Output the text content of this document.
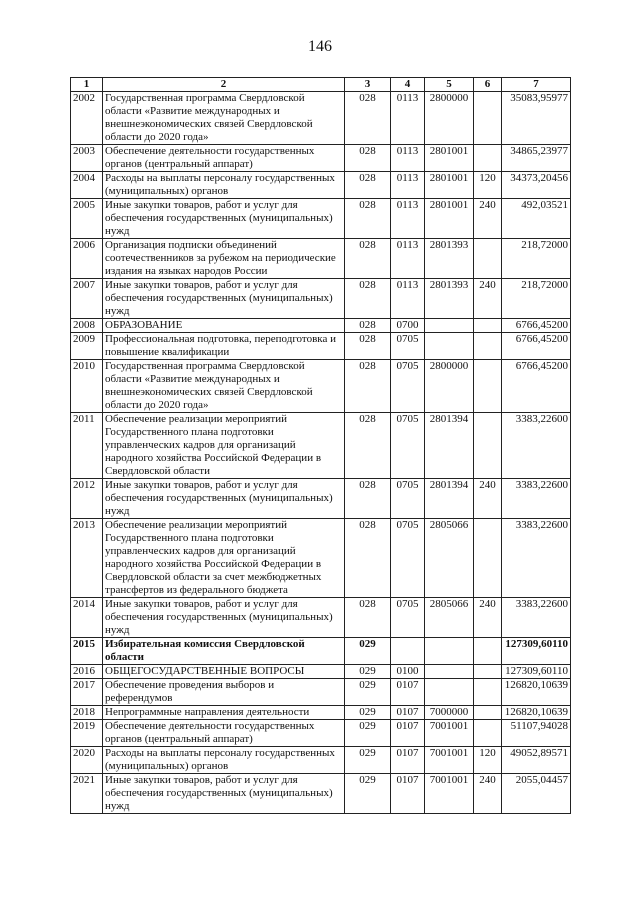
146
1	2	3	4	5	6	7
2002	Государственная программа Свердловской области «Развитие международных и внешнеэкономических связей Свердловской области до 2020 года»	028	0113	2800000		35083,95977
2003	Обеспечение деятельности государственных органов (центральный аппарат)	028	0113	2801001		34865,23977
2004	Расходы на выплаты персоналу государственных (муниципальных) органов	028	0113	2801001	120	34373,20456
2005	Иные закупки товаров, работ и услуг для обеспечения государственных (муниципальных) нужд	028	0113	2801001	240	492,03521
2006	Организация подписки объединений соотечественников за рубежом на периодические издания на языках народов России	028	0113	2801393		218,72000
2007	Иные закупки товаров, работ и услуг для обеспечения государственных (муниципальных) нужд	028	0113	2801393	240	218,72000
2008	ОБРАЗОВАНИЕ	028	0700			6766,45200
2009	Профессиональная подготовка, переподготовка и повышение квалификации	028	0705			6766,45200
2010	Государственная программа Свердловской области «Развитие международных и внешнеэкономических связей Свердловской области до 2020 года»	028	0705	2800000		6766,45200
2011	Обеспечение реализации мероприятий Государственного плана подготовки управленческих кадров для организаций народного хозяйства Российской Федерации в Свердловской области	028	0705	2801394		3383,22600
2012	Иные закупки товаров, работ и услуг для обеспечения государственных (муниципальных) нужд	028	0705	2801394	240	3383,22600
2013	Обеспечение реализации мероприятий Государственного плана подготовки управленческих кадров для организаций народного хозяйства Российской Федерации в Свердловской области за счет межбюджетных трансфертов из федерального бюджета	028	0705	2805066		3383,22600
2014	Иные закупки товаров, работ и услуг для обеспечения государственных (муниципальных) нужд	028	0705	2805066	240	3383,22600
2015	Избирательная комиссия Свердловской области	029				127309,60110
2016	ОБЩЕГОСУДАРСТВЕННЫЕ ВОПРОСЫ	029	0100			127309,60110
2017	Обеспечение проведения выборов и референдумов	029	0107			126820,10639
2018	Непрограммные направления деятельности	029	0107	7000000		126820,10639
2019	Обеспечение деятельности государственных органов (центральный аппарат)	029	0107	7001001		51107,94028
2020	Расходы на выплаты персоналу государственных (муниципальных) органов	029	0107	7001001	120	49052,89571
2021	Иные закупки товаров, работ и услуг для обеспечения государственных (муниципальных) нужд	029	0107	7001001	240	2055,04457
